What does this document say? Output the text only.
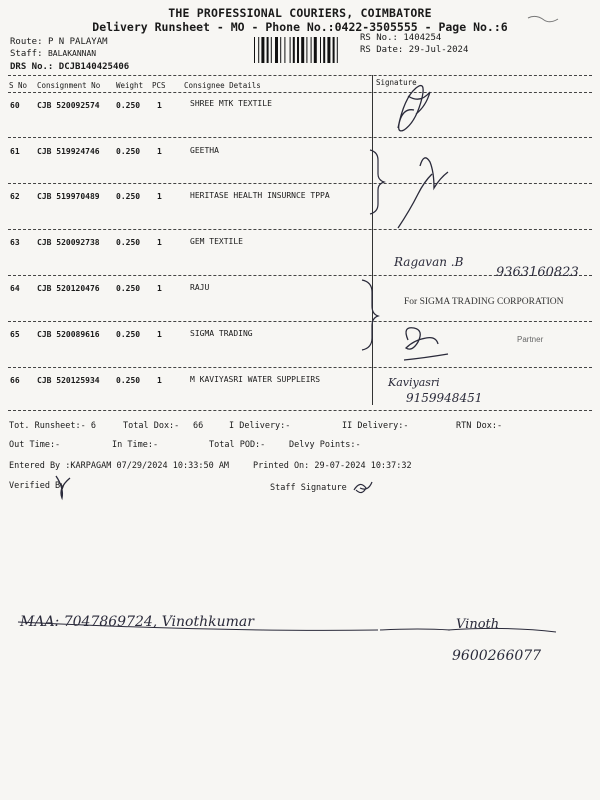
THE PROFESSIONAL COURIERS, COIMBATORE
Delivery Runsheet - MO - Phone No.:0422-3505555 - Page No.:6
Route: P N PALAYAM
Staff: BALAKANNAN
DRS No.: DCJB140425406
RS No.: 1404254
RS Date: 29-Jul-2024
S No Consignment No Weight PCS Consignee Details	Signature
60 CJB 520092574 0.250 1	SHREE MTK TEXTILE
61 CJB 519924746 0.250 1	GEETHA
62 CJB 519970489 0.250 1	HERITASE HEALTH INSURNCE TPPA
63 CJB 520092738 0.250 1	GEM TEXTILE
64 CJB 520120476 0.250 1	RAJU
65 CJB 520089616 0.250 1	SIGMA TRADING
66 CJB 520125934 0.250 1	M KAVIYASRI WATER SUPPLEIRS
Tot. Runsheet:- 6	Total Dox:- 66	I Delivery:-	II Delivery:-	RTN Dox:-
Out Time:-	In Time:-	Total POD:-	Delvy Points:-
Entered By :KARPAGAM 07/29/2024 10:33:50 AM	Printed On: 29-07-2024 10:37:32
Verified By	Staff Signature
Ragavan .B
9363160823
For SIGMA TRADING CORPORATION
Partner
Kaviyasri
9159948451
MAA: 7047869724, Vinothkumar	Vinoth
9600266077
